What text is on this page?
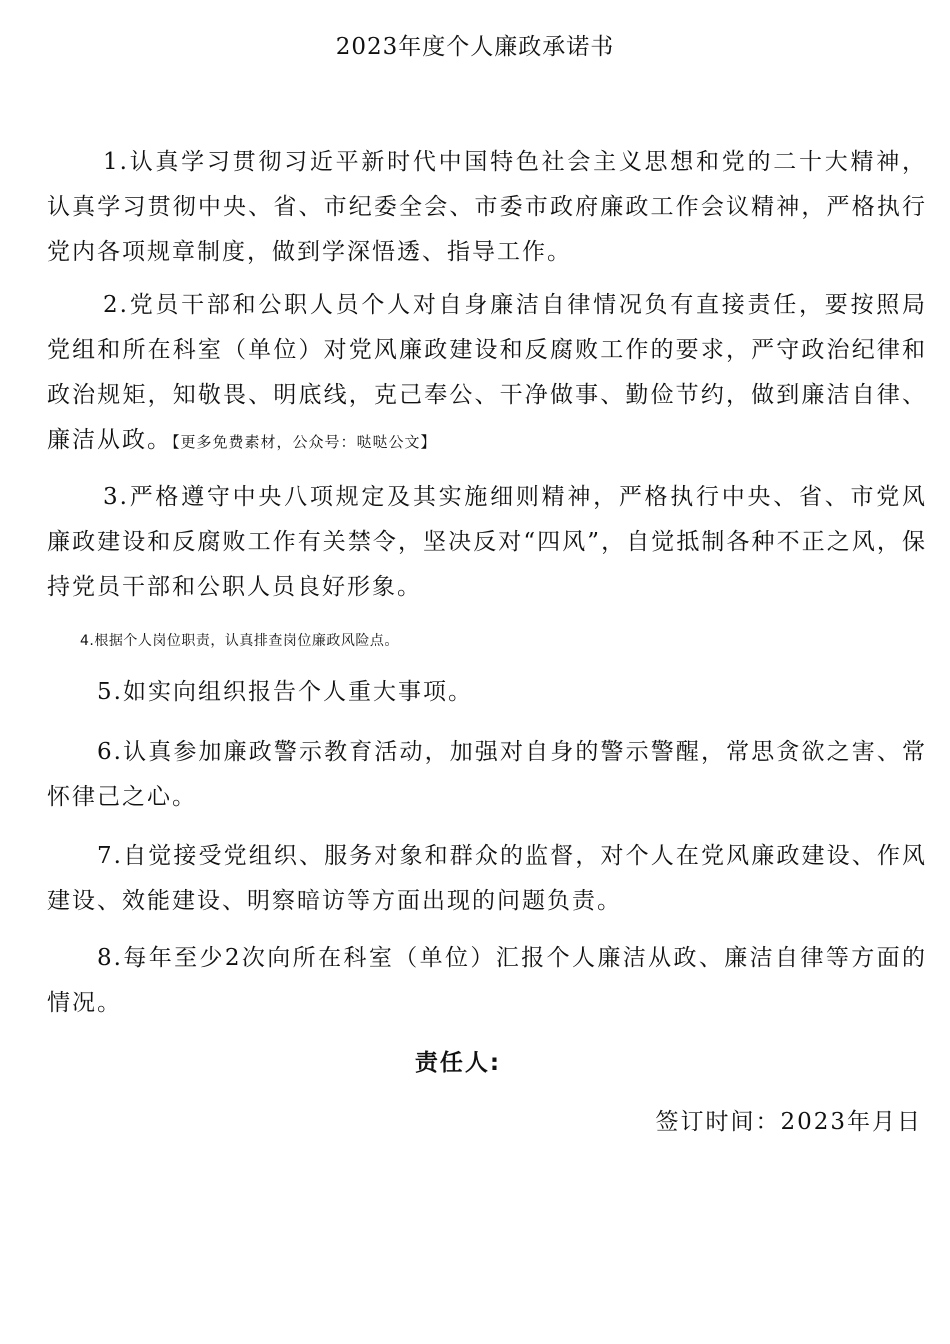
2023年度个人廉政承诺书

1.认真学习贯彻习近平新时代中国特色社会主义思想和党的二十大精神，认真学习贯彻中央、省、市纪委全会、市委市政府廉政工作会议精神，严格执行党内各项规章制度，做到学深悟透、指导工作。

2.党员干部和公职人员个人对自身廉洁自律情况负有直接责任，要按照局党组和所在科室（单位）对党风廉政建设和反腐败工作的要求，严守政治纪律和政治规矩，知敬畏、明底线，克己奉公、干净做事、勤俭节约，做到廉洁自律、廉洁从政。【更多免费素材，公众号：哒哒公文】

3.严格遵守中央八项规定及其实施细则精神，严格执行中央、省、市党风廉政建设和反腐败工作有关禁令，坚决反对“四风”，自觉抵制各种不正之风，保持党员干部和公职人员良好形象。

4.根据个人岗位职责，认真排查岗位廉政风险点。

5.如实向组织报告个人重大事项。

6.认真参加廉政警示教育活动，加强对自身的警示警醒，常思贪欲之害、常怀律己之心。

7.自觉接受党组织、服务对象和群众的监督，对个人在党风廉政建设、作风建设、效能建设、明察暗访等方面出现的问题负责。

8.每年至少2次向所在科室（单位）汇报个人廉洁从政、廉洁自律等方面的情况。

责任人:
签订时间：2023年月日
